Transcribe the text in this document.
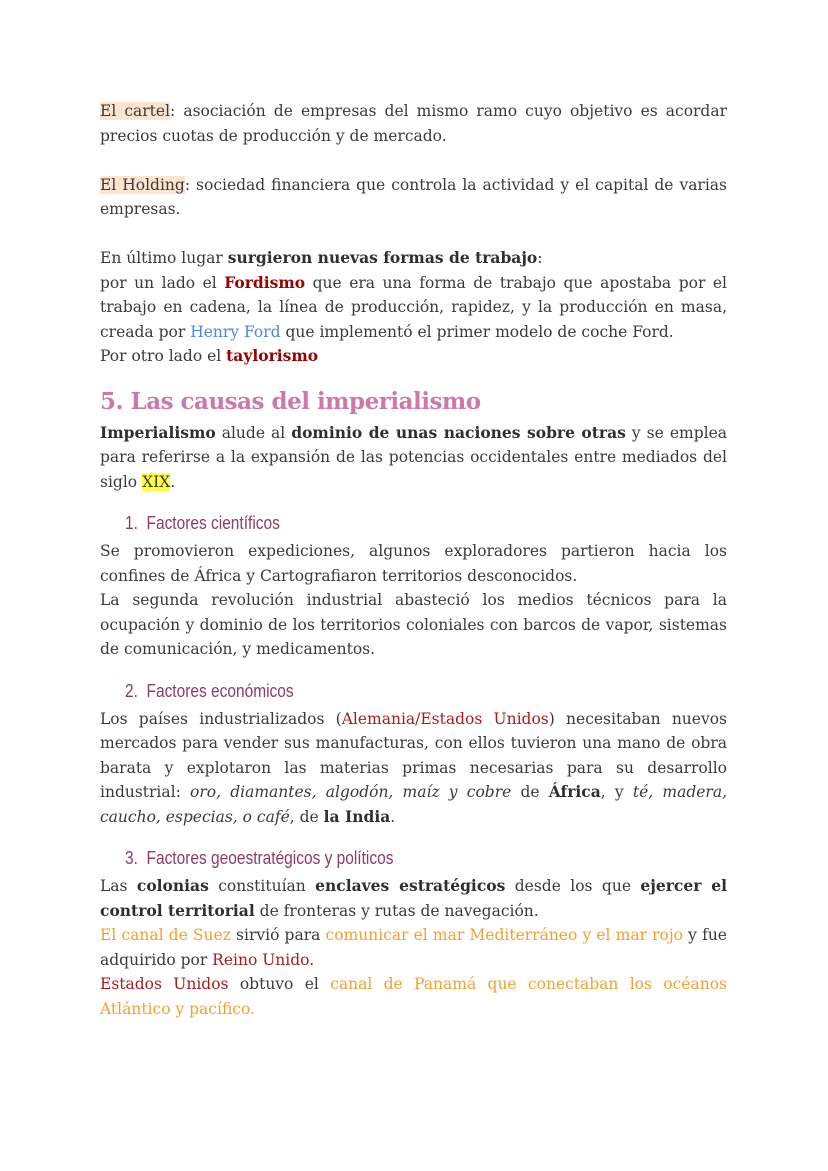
El cartel: asociación de empresas del mismo ramo cuyo objetivo es acordar precios cuotas de producción y de mercado.

El Holding: sociedad financiera que controla la actividad y el capital de varias empresas.

En último lugar surgieron nuevas formas de trabajo:

por un lado el Fordismo que era una forma de trabajo que apostaba por el trabajo en cadena, la línea de producción, rapidez, y la producción en masa, creada por Henry Ford que implementó el primer modelo de coche Ford.

Por otro lado el taylorismo

5. Las causas del imperialismo

Imperialismo alude al dominio de unas naciones sobre otras y se emplea para referirse a la expansión de las potencias occidentales entre mediados del siglo XIX.

1. Factores científicos

Se promovieron expediciones, algunos exploradores partieron hacia los confines de África y Cartografiaron territorios desconocidos.

La segunda revolución industrial abasteció los medios técnicos para la ocupación y dominio de los territorios coloniales con barcos de vapor, sistemas de comunicación, y medicamentos.

2. Factores económicos

Los países industrializados (Alemania/Estados Unidos) necesitaban nuevos mercados para vender sus manufacturas, con ellos tuvieron una mano de obra barata y explotaron las materias primas necesarias para su desarrollo industrial: oro, diamantes, algodón, maíz y cobre de África, y té, madera, caucho, especias, o café, de la India.

3. Factores geoestratégicos y políticos

Las colonias constituían enclaves estratégicos desde los que ejercer el control territorial de fronteras y rutas de navegación.

El canal de Suez sirvió para comunicar el mar Mediterráneo y el mar rojo y fue adquirido por Reino Unido.

Estados Unidos obtuvo el canal de Panamá que conectaban los océanos Atlántico y pacífico.
